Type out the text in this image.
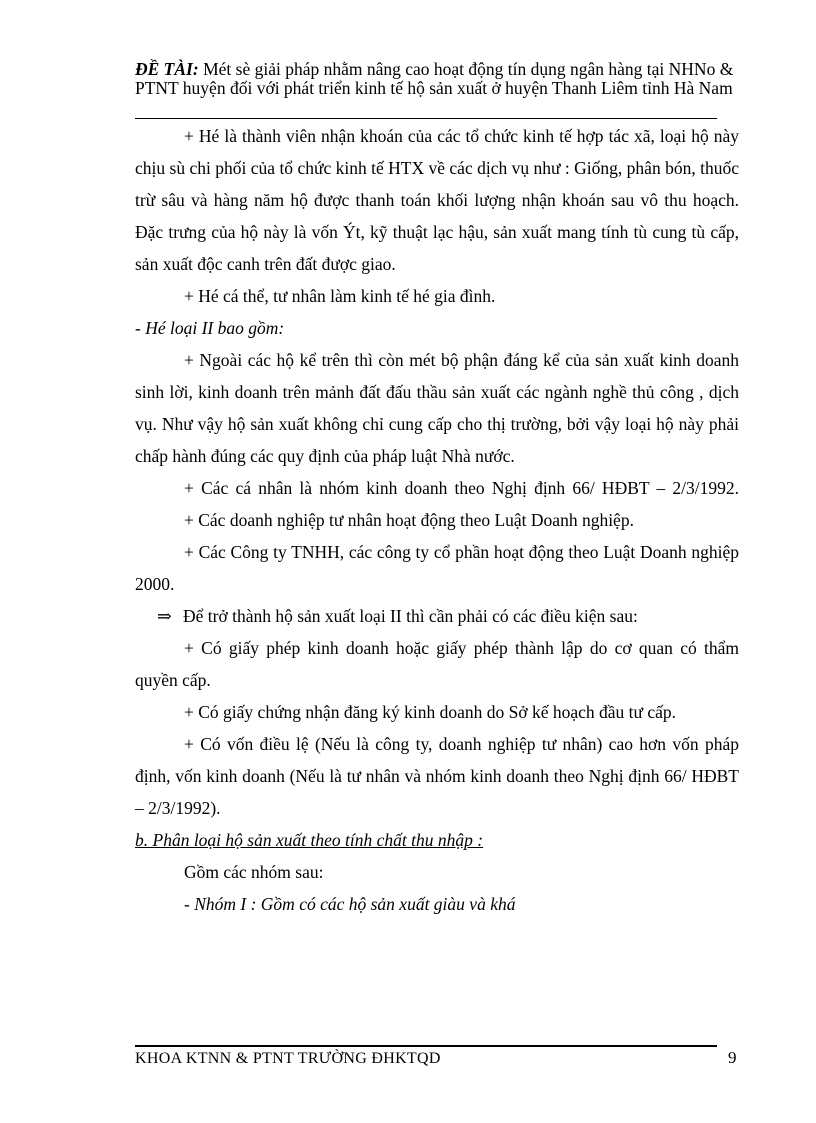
ĐỀ TÀI: Mét sè giải pháp nhằm nâng cao hoạt động tín dụng ngân hàng tại NHNo & PTNT huyện đối với phát triển kinh tế hộ sản xuất ở huyện Thanh Liêm tỉnh Hà Nam

+ Hé là thành viên nhận khoán của các tổ chức kinh tế hợp tác xã, loại hộ này chịu sù chi phối của tổ chức kinh tế HTX về các dịch vụ như : Giống, phân bón, thuốc trừ sâu và hàng năm hộ được thanh toán khối lượng nhận khoán sau vô thu hoạch. Đặc trưng của hộ này là vốn Ýt, kỹ thuật lạc hậu, sản xuất mang tính tù cung tù cấp, sản xuất độc canh trên đất được giao.

+ Hé cá thể, tư nhân làm kinh tế hé gia đình.

- Hé loại II bao gồm:

+ Ngoài các hộ kể trên thì còn mét bộ phận đáng kể của sản xuất kinh doanh sinh lời, kinh doanh trên mảnh đất đấu thầu sản xuất các ngành nghề thủ công , dịch vụ. Như vậy hộ sản xuất không chỉ cung cấp cho thị trường, bởi vậy loại hộ này phải chấp hành đúng các quy định của pháp luật Nhà nước.

+ Các cá nhân là nhóm kinh doanh theo Nghị định 66/ HĐBT – 2/3/1992.

+ Các doanh nghiệp tư nhân hoạt động theo Luật Doanh nghiệp.

+ Các Công ty TNHH, các công ty cổ phần hoạt động theo Luật Doanh nghiệp 2000.

⇒ Để trở thành hộ sản xuất loại II thì cần phải có các điều kiện sau:

+ Có giấy phép kinh doanh hoặc giấy phép thành lập do cơ quan có thẩm quyền cấp.

+ Có giấy chứng nhận đăng ký kinh doanh do Sở kế hoạch đầu tư cấp.

+ Có vốn điều lệ (Nếu là công ty, doanh nghiệp tư nhân) cao hơn vốn pháp định, vốn kinh doanh (Nếu là tư nhân và nhóm kinh doanh theo Nghị định 66/ HĐBT – 2/3/1992).

b. Phân loại hộ sản xuất theo tính chất thu nhập :

Gồm các nhóm sau:

- Nhóm I : Gồm có các hộ sản xuất giàu và khá

KHOA KTNN & PTNT TRƯỜNG ĐHKTQD	9
